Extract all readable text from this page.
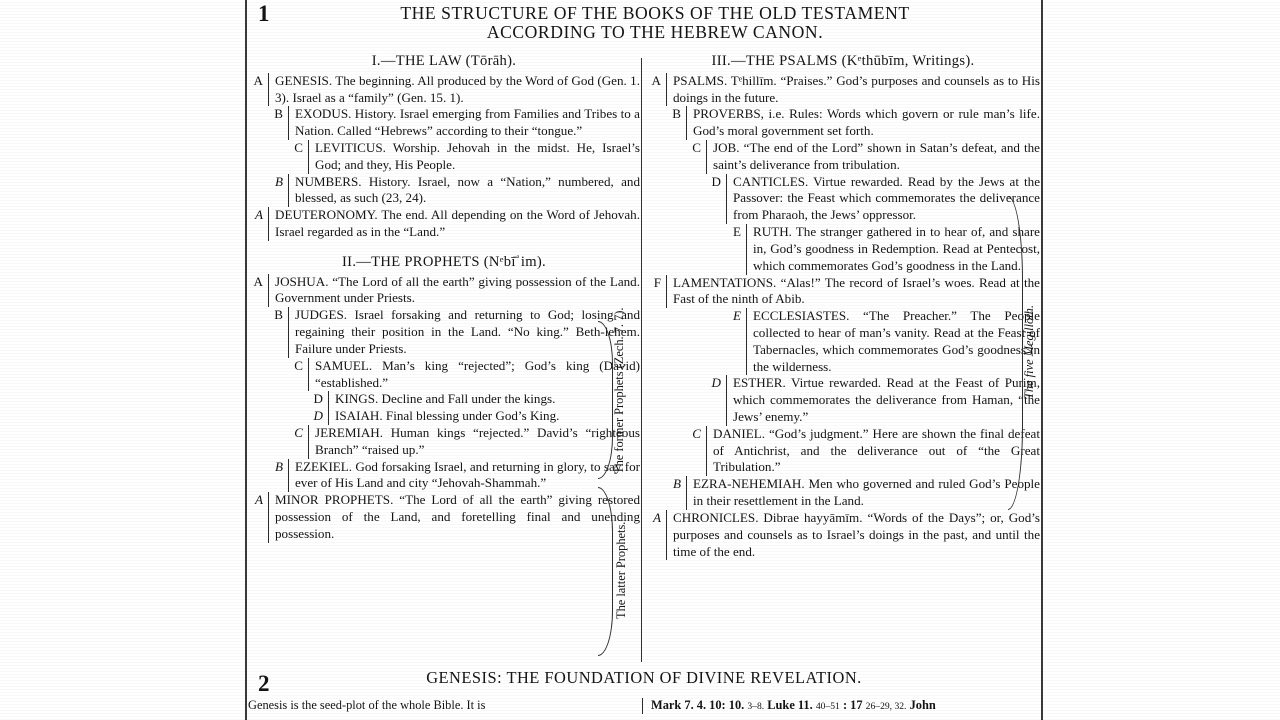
1	THE STRUCTURE OF THE BOOKS OF THE OLD TESTAMENT
ACCORDING TO THE HEBREW CANON.
I.—THE LAW (Tōrāh).
A GENESIS. The beginning. All produced by the Word of God (Gen. 1. 3). Israel as a “family” (Gen. 15. 1).
B EXODUS. History. Israel emerging from Families and Tribes to a Nation. Called “Hebrews” according to their “tongue.”
C LEVITICUS. Worship. Jehovah in the midst. He, Israel’s God; and they, His People.
B NUMBERS. History. Israel, now a “Nation,” numbered, and blessed, as such (23, 24).
A DEUTERONOMY. The end. All depending on the Word of Jehovah. Israel regarded as in the “Land.”
II.—THE PROPHETS (Nᵉbī̄ʾim).
A JOSHUA. “The Lord of all the earth” giving possession of the Land. Government under Priests.
B JUDGES. Israel forsaking and returning to God; losing and regaining their position in the Land. “No king.” Beth-lehem. Failure under Priests.
C SAMUEL. Man’s king “rejected”; God’s king (David) “established.”
D KINGS. Decline and Fall under the kings.
D ISAIAH. Final blessing under God’s King.
C JEREMIAH. Human kings “rejected.” David’s “righteous Branch” “raised up.”
B EZEKIEL. God forsaking Israel, and returning in glory, to say for ever of His Land and city “Jehovah-Shammah.”
A MINOR PROPHETS. “The Lord of all the earth” giving restored possession of the Land, and foretelling final and unending possession.
The former Prophets (Zech. 7. 7).
The latter Prophets.
III.—THE PSALMS (Kᵉthūbīm, Writings).
A PSALMS. Tᵉhillīm. “Praises.” God’s purposes and counsels as to His doings in the future.
B PROVERBS, i.e. Rules: Words which govern or rule man’s life. God’s moral government set forth.
C JOB. “The end of the Lord” shown in Satan’s defeat, and the saint’s deliverance from tribulation.
D CANTICLES. Virtue rewarded. Read by the Jews at the Passover: the Feast which commemorates the deliverance from Pharaoh, the Jews’ oppressor.
E RUTH. The stranger gathered in to hear of, and share in, God’s goodness in Redemption. Read at Pentecost, which commemorates God’s goodness in the Land.
F LAMENTATIONS. “Alas!” The record of Israel’s woes. Read at the Fast of the ninth of Abib.
E ECCLESIASTES. “The Preacher.” The People collected to hear of man’s vanity. Read at the Feast of Tabernacles, which commemorates God’s goodness in the wilderness.
D ESTHER. Virtue rewarded. Read at the Feast of Purim, which commemorates the deliverance from Haman, “the Jews’ enemy.”
C DANIEL. “God’s judgment.” Here are shown the final defeat of Antichrist, and the deliverance out of “the Great Tribulation.”
B EZRA-NEHEMIAH. Men who governed and ruled God’s People in their resettlement in the Land.
A CHRONICLES. Dibrae hayyāmīm. “Words of the Days”; or, God’s purposes and counsels as to Israel’s doings in the past, and until the time of the end.
The five Megillōth.
2	GENESIS: THE FOUNDATION OF DIVINE REVELATION.
Genesis is the seed-plot of the whole Bible. It is	Mark 7. 4. 10: 10. 3–8. Luke 11. 40–51 : 17 26–29, 32. John
